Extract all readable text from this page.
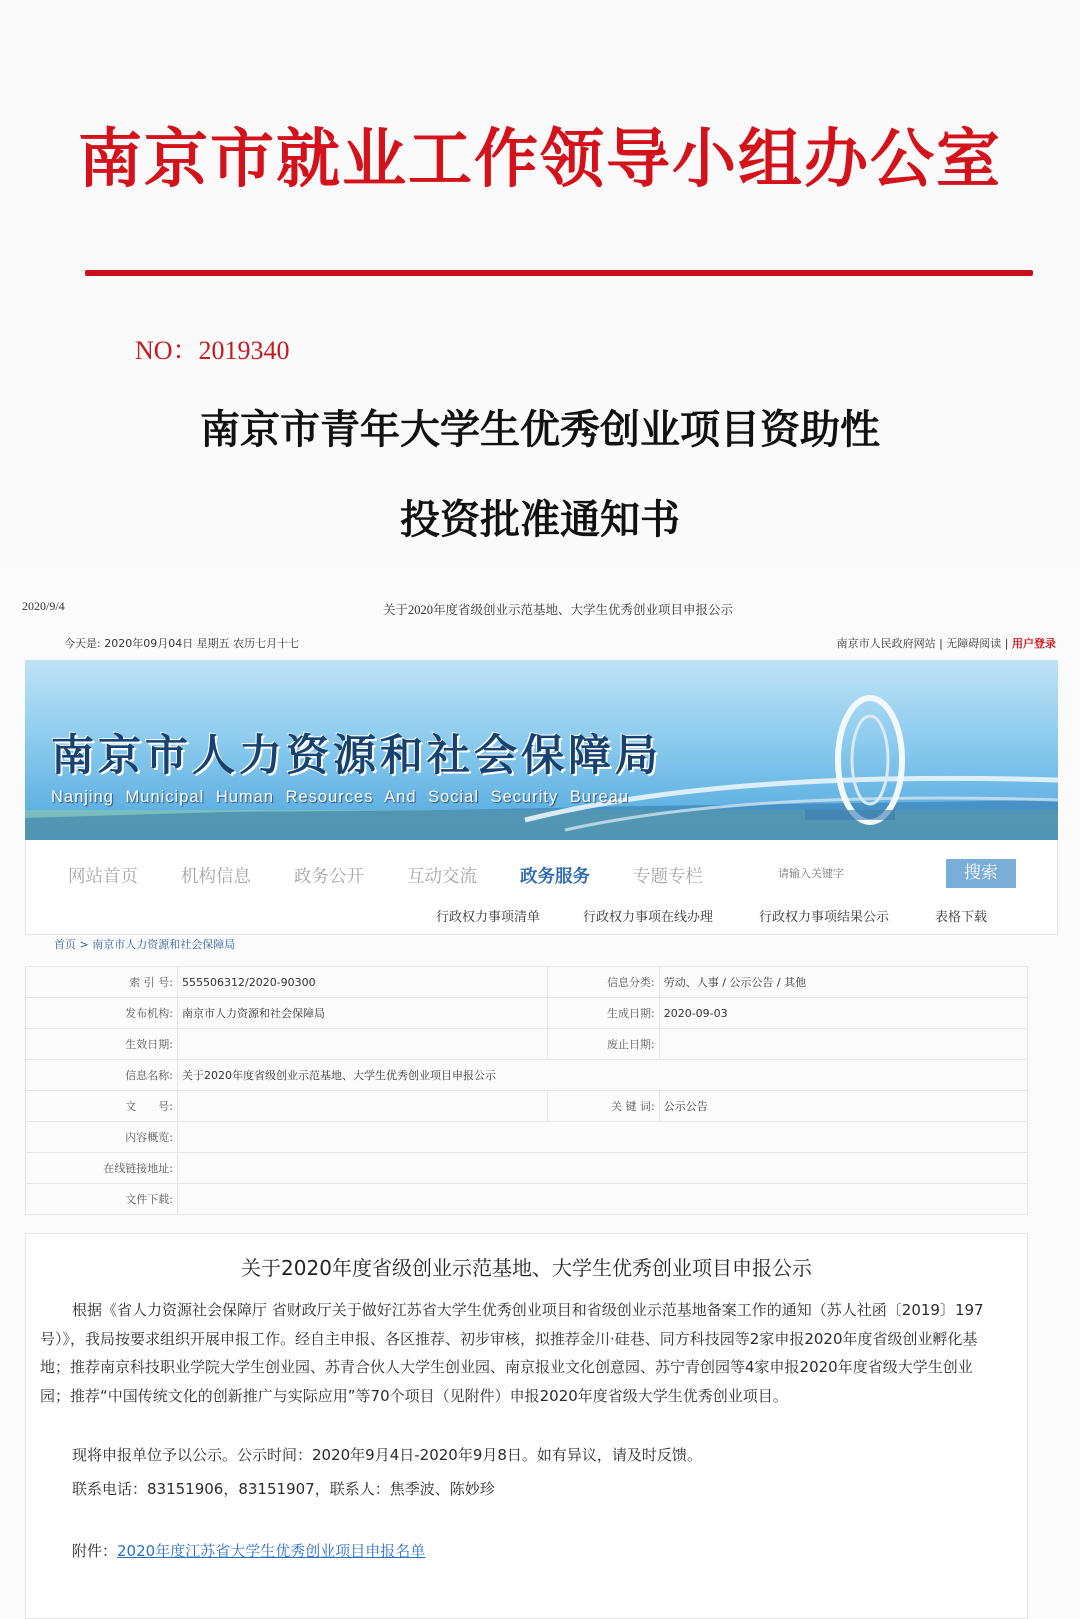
南京市就业工作领导小组办公室
NO：2019340
南京市青年大学生优秀创业项目资助性
投资批准通知书
2020/9/4	关于2020年度省级创业示范基地、大学生优秀创业项目申报公示
今天是: 2020年09月04日 星期五 农历七月十七	南京市人民政府网站 | 无障碍阅读 | 用户登录
南京市人力资源和社会保障局
Nanjing Municipal Human Resources And Social Security Bureau
网站首页	机构信息	政务公开	互动交流	政务服务	专题专栏
请输入关键字	搜索
行政权力事项清单	行政权力事项在线办理	行政权力事项结果公示	表格下载
首页 > 南京市人力资源和社会保障局
索 引 号:	555506312/2020-90300	信息分类:	劳动、人事 / 公示公告 / 其他
发布机构:	南京市人力资源和社会保障局	生成日期:	2020-09-03
生效日期:		废止日期:	
信息名称:	关于2020年度省级创业示范基地、大学生优秀创业项目申报公示		
文　　号:		关 键 词:	公示公告
内容概览:			
在线链接地址:			
文件下载:			
关于2020年度省级创业示范基地、大学生优秀创业项目申报公示
根据《省人力资源社会保障厅 省财政厅关于做好江苏省大学生优秀创业项目和省级创业示范基地备案工作的通知（苏人社函〔2019〕197号）》，我局按要求组织开展申报工作。经自主申报、各区推荐、初步审核，拟推荐金川·硅巷、同方科技园等2家申报2020年度省级创业孵化基地；推荐南京科技职业学院大学生创业园、苏青合伙人大学生创业园、南京报业文化创意园、苏宁青创园等4家申报2020年度省级大学生创业园；推荐“中国传统文化的创新推广与实际应用”等70个项目（见附件）申报2020年度省级大学生优秀创业项目。
现将申报单位予以公示。公示时间：2020年9月4日-2020年9月8日。如有异议，请及时反馈。
联系电话：83151906，83151907，联系人：焦季波、陈妙珍
附件：2020年度江苏省大学生优秀创业项目申报名单
